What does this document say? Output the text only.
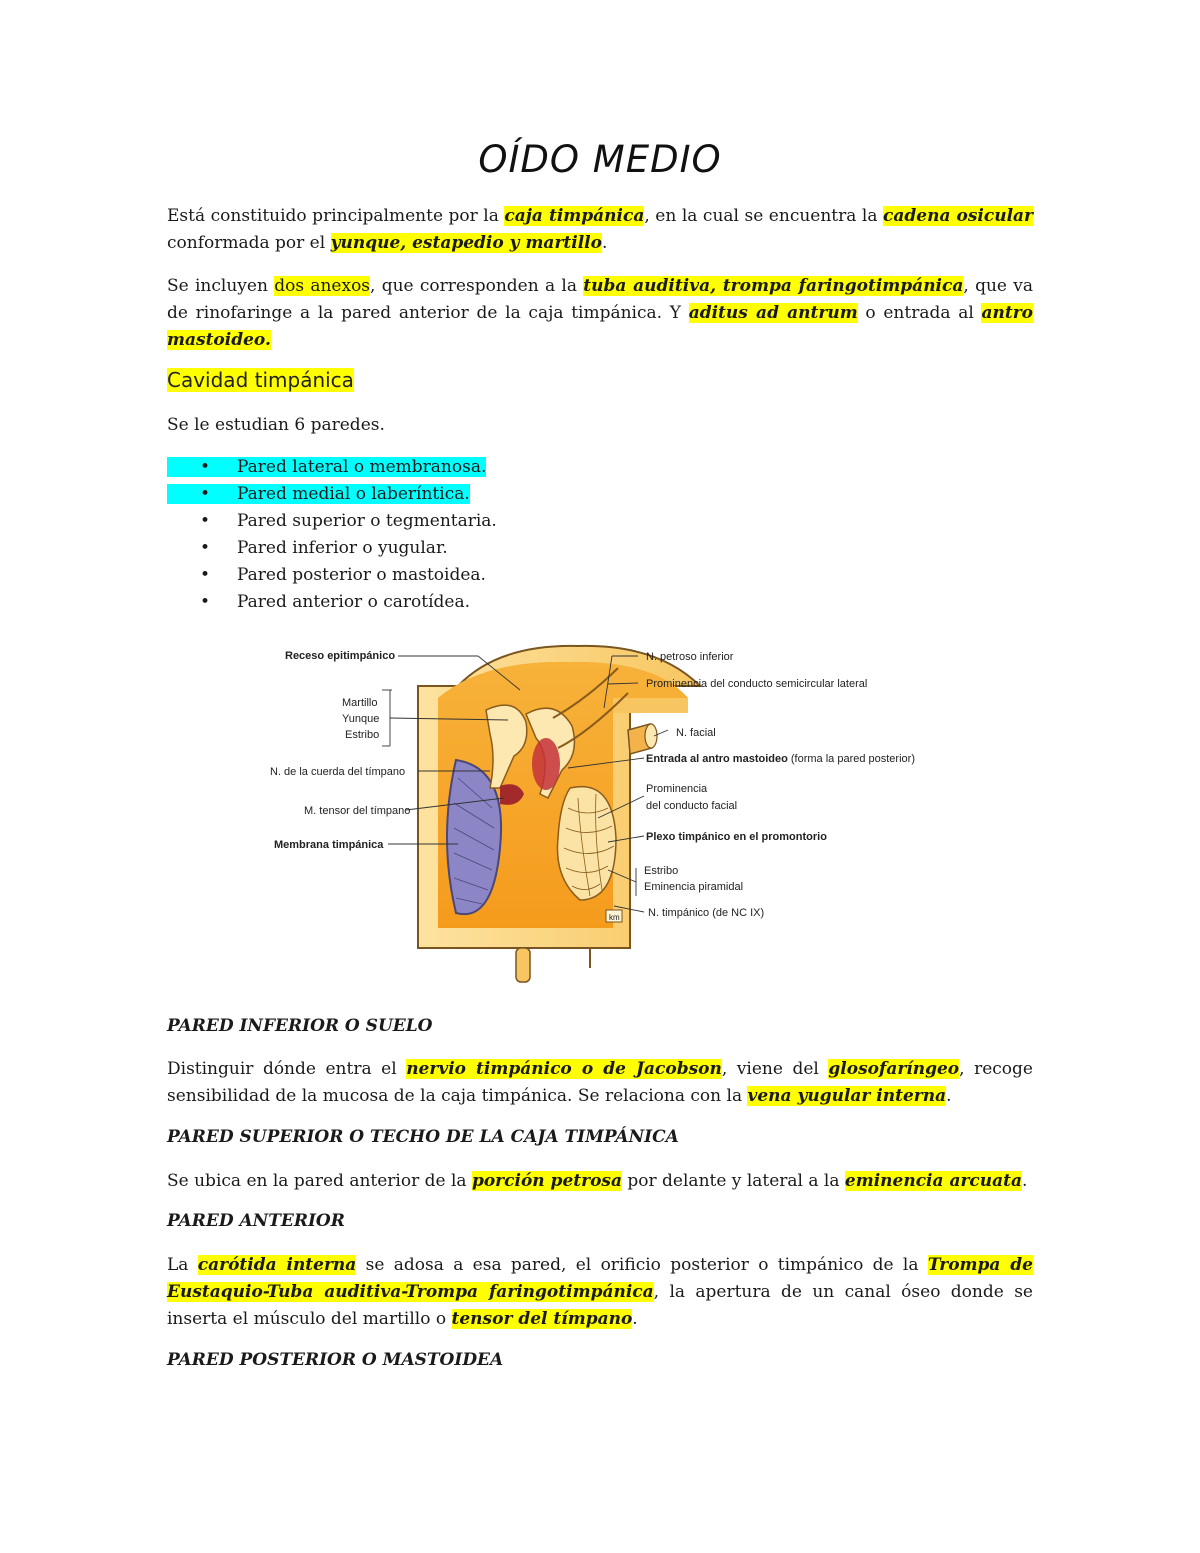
OÍDO MEDIO

Está constituido principalmente por la caja timpánica, en la cual se encuentra la cadena osicular conformada por el yunque, estapedio y martillo.

Se incluyen dos anexos, que corresponden a la tuba auditiva, trompa faringotimpánica, que va de rinofaringe a la pared anterior de la caja timpánica. Y aditus ad antrum o entrada al antro mastoideo.

Cavidad timpánica

Se le estudian 6 paredes.

• Pared lateral o membranosa.
• Pared medial o laberíntica.
• Pared superior o tegmentaria.
• Pared inferior o yugular.
• Pared posterior o mastoidea.
• Pared anterior o carotídea.
km
Receso epitimpánico
Martillo
Yunque
Estribo
N. de la cuerda del tímpano
M. tensor del tímpano
Membrana timpánica
N. petroso inferior
Prominencia del conducto semicircular lateral
N. facial
Entrada al antro mastoideo (forma la pared posterior)
Prominencia
del conducto facial
Plexo timpánico en el promontorio
Estribo
Eminencia piramidal
N. timpánico (de NC IX)
PARED INFERIOR O SUELO

Distinguir dónde entra el nervio timpánico o de Jacobson, viene del glosofaríngeo, recoge sensibilidad de la mucosa de la caja timpánica. Se relaciona con la vena yugular interna.

PARED SUPERIOR O TECHO DE LA CAJA TIMPÁNICA

Se ubica en la pared anterior de la porción petrosa por delante y lateral a la eminencia arcuata.

PARED ANTERIOR

La carótida interna se adosa a esa pared, el orificio posterior o timpánico de la Trompa de Eustaquio-Tuba auditiva-Trompa faringotimpánica, la apertura de un canal óseo donde se inserta el músculo del martillo o tensor del tímpano.

PARED POSTERIOR O MASTOIDEA
